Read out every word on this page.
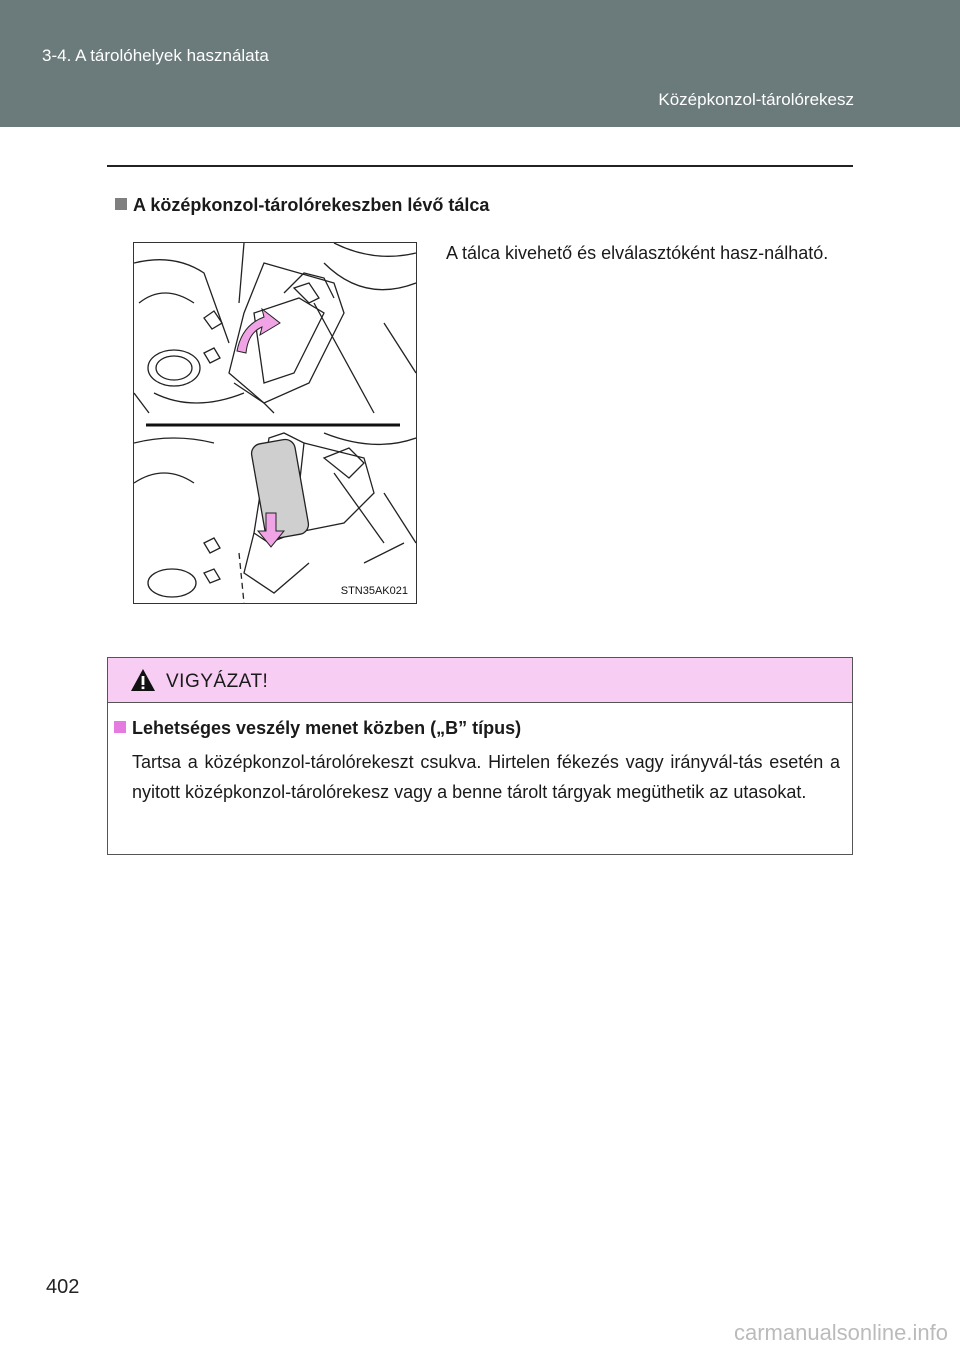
3-4. A tárolóhelyek használata
Középkonzol-tárolórekesz
A középkonzol-tárolórekeszben lévő tálca
STN35AK021
A tálca kivehető és elválasztóként hasz-nálható.
VIGYÁZAT!
Lehetséges veszély menet közben („B” típus)
Tartsa a középkonzol-tárolórekeszt csukva. Hirtelen fékezés vagy irányvál-tás esetén a nyitott középkonzol-tárolórekesz vagy a benne tárolt tárgyak megüthetik az utasokat.
402
carmanualsonline.info
